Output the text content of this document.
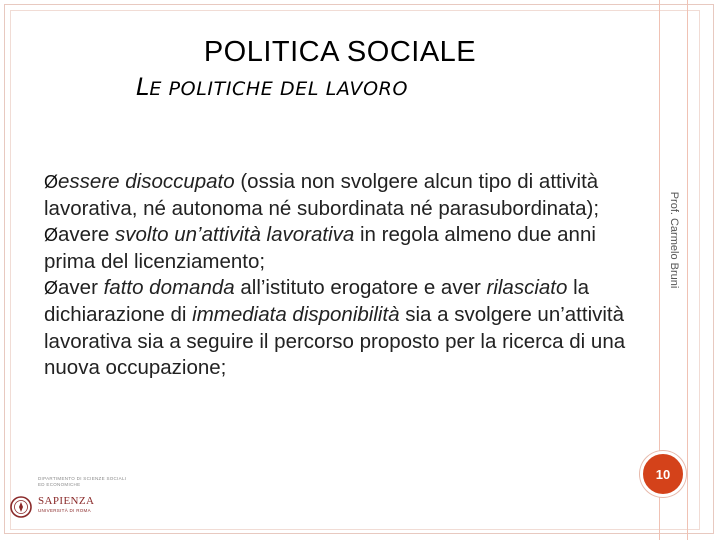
POLITICA SOCIALE
LE POLITICHE DEL LAVORO
Prof. Carmelo Bruni

Øessere disoccupato (ossia non svolgere alcun tipo di attività lavorativa, né autonoma né subordinata né parasubordinata);

Øavere svolto un’attività lavorativa in regola almeno due anni prima del licenziamento;

Øaver fatto domanda all’istituto erogatore e aver rilasciato la dichiarazione di immediata disponibilità sia a svolgere un’attività lavorativa sia a seguire il percorso proposto per la ricerca di una nuova occupazione;

10
DIPARTIMENTO DI SCIENZE SOCIALI
ED ECONOMICHE
SAPIENZA
UNIVERSITÀ DI ROMA
